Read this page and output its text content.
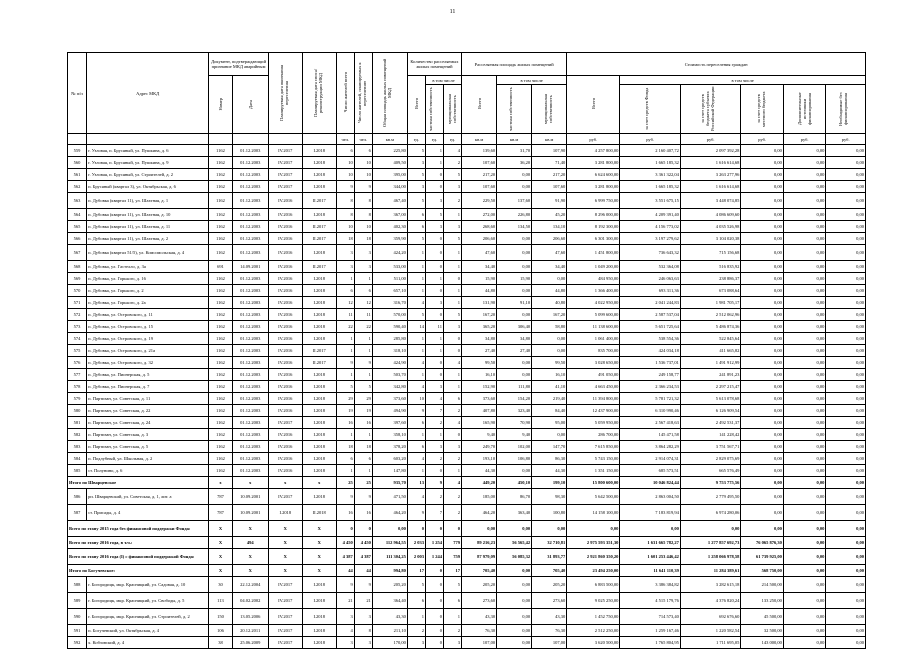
11
№ п/п	Адрес МКД	Документ, подтверждающий признание МКД аварийным		Планируемая дата окончания переселения	Планируемая дата сноса/ реконструкции МКД	Число жителей всего	Число жителей, планируемых к переселению	Общая площадь жилых помещений МКД	Количество расселяемых жилых помещений			Расселяемая площадь жилых помещений			Стоимость переселения граждан					
		Номер	Дата						Всего	в том числе		Всего	в том числе		Всего	в том числе				
										частная собственность	муниципальная собственность		частная собственность	муниципальная собственность		за счет средств Фонда	за счет средств бюджета субъекта Российской Федерации	за счет средств местного бюджета	Дополнительные источники финансирования	Необходимые без финансирования
						чел.	чел.	кв.м	ед.	ед.	ед.	кв.м	кв.м	кв.м	руб.	руб.	руб.	руб.	руб.	руб.
559	г. Узловая, п. Брусяный, ул. Пушкина, д. 6	1162	01.12.2003	IV.2017	I.2018	6	6	225,80	5	1	4	139,60	31,70	107,90	4 257 800,00	2 160 407,72	2 097 392,28	0,00	0,00	0,00
560	г. Узловая, п. Брусяный, ул. Пушкина, д. 9	1162	01.12.2003	IV.2017	I.2018	10	10	409,50	3	1	2	107,60	36,20	71,40	3 281 800,00	1 665 185,32	1 616 614,68	0,00	0,00	0,00
561	г. Узловая, п. Брусяный, ул. Строителей, д. 2	1162	01.12.2003	IV.2017	I.2018	10	10	395,00	5	0	5	217,20	0,00	217,20	6 624 600,00	3 361 322,04	3 263 277,96	0,00	0,00	0,00
562	п. Брусяный (квартал 3), ул. Октябрьская, д. 6	1162	01.12.2003	IV.2017	I.2018	9	9	344,00	3	0	3	107,60	0,00	107,60	3 281 800,00	1 665 185,32	1 616 614,68	0,00	0,00	0,00
563	п. Дубовка (квартал 11), ул. Шахтная, д. 1	1162	01.12.2003	IV.2016	II.2017	8	8	467,40	5	3	2	229,50	137,60	91,90	6 999 750,00	3 551 675,15	3 448 074,85	0,00	0,00	0,00
564	п. Дубовка (квартал 11), ул. Шахтная, д. 10	1162	01.12.2003	IV.2016	I.2018	8	8	367,00	6	5	1	272,00	226,80	45,20	8 296 000,00	4 209 391,40	4 086 609,60	0,00	0,00	0,00
565	п. Дубовка (квартал 11), ул. Шахтная, д. 11	1162	01.12.2003	IV.2016	II.2017	10	10	402,30	6	3	3	268,60	134,50	134,10	8 192 300,00	4 156 773,02	4 035 526,98	0,00	0,00	0,00
566	п. Дубовка (квартал 11), ул. Шахтная, д. 2	1162	01.12.2003	IV.2016	II.2017	18	18	359,90	5	0	5	206,60	0,00	206,60	6 301 300,00	3 197 279,62	3 104 020,38	0,00	0,00	0,00
567	п. Дубовка (квартал 51/5), ул. Комсомольская, д. 4	1162	01.12.2003	IV.2016	I.2018	3	3	424,20	1	0	1	47,60	0,00	47,60	1 451 800,00	736 643,32	715 156,68	0,00	0,00	0,00
568	п. Дубовка, ул. Гастелло, д. 3а	691	14.09.2001	IV.2016	II.2017	3	3	533,00	1	0	1	34,40	0,00	34,40	1 049 200,00	532 364,08	516 835,92	0,00	0,00	0,00
569	п. Дубовка, ул. Горького, д. 16	1162	01.12.2003	IV.2016	I.2018	1	1	511,00	1	1	0	15,90	15,90	0,00	484 950,00	246 063,63	238 886,37	0,00	0,00	0,00
570	п. Дубовка, ул. Горького, д. 2	1162	01.12.2003	IV.2016	I.2018	6	6	657,10	1	0	1	44,80	0,00	44,80	1 366 400,00	693 311,36	673 088,64	0,00	0,00	0,00
571	п. Дубовка, ул. Горького, д. 2а	1162	01.12.2003	IV.2016	I.2018	12	12	316,70	4	3	1	131,90	91,10	40,80	4 022 950,00	2 041 244,83	1 981 705,17	0,00	0,00	0,00
572	п. Дубовка, ул. Островского, д. 11	1162	01.12.2003	IV.2016	I.2018	11	11	570,00	5	0	5	167,20	0,00	167,20	5 099 600,00	2 587 537,04	2 512 062,96	0,00	0,00	0,00
573	п. Дубовка, ул. Островского, д. 15	1162	01.12.2003	IV.2016	I.2018	22	22	590,40	14	11	3	365,20	306,40	58,80	11 138 600,00	5 651 725,64	5 486 874,36	0,00	0,00	0,00
574	п. Дубовка, ул. Островского, д. 19	1162	01.12.2003	IV.2016	I.2018	1	1	285,80	1	1	0	34,80	34,80	0,00	1 061 400,00	538 554,36	522 845,64	0,00	0,00	0,00
575	п. Дубовка, ул. Островского, д. 21а	1162	01.12.2003	IV.2016	II.2017	1	1	318,10	1	1	0	27,40	27,40	0,00	835 700,00	424 034,18	411 665,82	0,00	0,00	0,00
576	п. Дубовка, ул. Островского, д. 32	1162	01.12.2003	IV.2016	II.2017	9	9	424,90	4	0	4	99,50	0,00	99,50	3 028 650,00	1 536 737,01	1 491 912,99	0,00	0,00	0,00
577	п. Дубовка, ул. Пионерская, д. 5	1162	01.12.2003	IV.2016	I.2018	1	1	503,70	1	0	1	16,10	0,00	16,10	491 050,00	249 158,77	241 891,23	0,00	0,00	0,00
578	п. Дубовка, ул. Пионерская, д. 7	1162	01.12.2003	IV.2016	I.2018	5	5	342,80	4	3	1	152,90	111,80	41,10	4 663 450,00	2 366 234,53	2 297 215,47	0,00	0,00	0,00
579	п. Партизан, ул. Советская, д. 11	1162	01.12.2003	IV.2016	I.2018	29	29	373,60	10	4	6	373,60	154,20	219,40	11 394 800,00	5 781 721,32	5 613 078,68	0,00	0,00	0,00
580	п. Партизан, ул. Советская, д. 22	1162	01.12.2003	IV.2016	I.2018	19	19	494,90	9	7	2	407,80	323,40	84,40	12 437 900,00	6 310 990,46	6 126 909,54	0,00	0,00	0,00
581	п. Партизан, ул. Советская, д. 24	1162	01.12.2003	IV.2017	I.2018	16	16	397,60	6	2	4	165,90	70,90	95,00	5 059 950,00	2 567 418,63	2 492 531,37	0,00	0,00	0,00
582	п. Партизан, ул. Советская, д. 3	1162	01.12.2003	IV.2016	I.2018	1	1	358,10	1	1	0	9,40	9,40	0,00	286 700,00	145 471,58	141 228,42	0,00	0,00	0,00
583	п. Партизан, ул. Советская, д. 5	1162	01.12.2003	IV.2016	I.2018	18	18	378,20	6	3	3	249,70	102,00	147,70	7 615 850,00	3 864 282,29	3 751 567,71	0,00	0,00	0,00
584	п. Подлубный, ул. Школьная, д. 2	1162	01.12.2003	IV.2016	I.2018	6	6	603,20	4	2	2	193,10	106,80	86,30	5 743 150,00	2 914 074,31	2 829 075,69	0,00	0,00	0,00
585	ст. Полунино, д. 6	1162	01.12.2003	IV.2016	I.2018	1	1	147,80	1	0	1	44,30	0,00	44,30	1 351 150,00	685 573,51	665 576,49	0,00	0,00	0,00
Итого по Шварцевское		x	x	x	x	25	25	935,70	13	9	4	449,20	450,10	199,10	15 800 600,00	10 046 824,44	9 753 775,56	0,00	0,00	0,00
586	рп. Шварцевский, ул. Советская, д. 1, лит. а	787	10.09.2001	IV.2017	I.2018	9	9	471,50	4	2	2	185,00	86,70	98,30	5 642 500,00	2 863 004,50	2 779 495,50	0,00	0,00	0,00
587	ст. Присады, д. 4	787	10.09.2001	I.2018	II.2018	16	16	464,20	9	7	2	464,20	363,40	100,80	14 158 100,00	7 183 819,94	6 974 280,06	0,00	0,00	0,00
Всего по этапу 2015 года без финансовой поддержки Фонда:		X	X	X	X	0	0	0,00	0	0	0	0,00	0,00	0,00	0,00	0,00	0,00	0,00	0,00	0,00
Всего по этапу 2016 года, в т.ч.:		X	494	X	X	4 450	4 450	112 964,55	2 033	1 254	779	89 216,23	56 565,42	32 710,81	2 975 593 351,30	1 631 665 782,27	1 277 857 692,73	76 065 876,30	0,00	0,00
Всего по этапу 2016 года (I) с финансовой поддержкой Фонда:		X	X	X	X	4 387	4 387	111 304,25	2 003	1 244	759	87 979,09	56 085,32	31 893,77	2 921 860 350,20	1 601 253 446,42	1 258 066 978,58	61 739 925,00	0,00	0,00
Итого по Богучевское:		X	X	X	X	44	44	994,80	17	0	17	705,40	0,00	705,40	23 494 250,00	11 641 110,39	11 284 389,61	568 750,00	0,00	0,00
588	г. Богородицк, мкр. Красницкий, ул. Садовая, д. 10	30	22.12.2004	IV.2017	I.2018	9	9	205,20	5	0	5	205,20	0,00	205,20	6 883 500,00	3 386 384,82	3 282 615,18	214 500,00	0,00	0,00
589	г. Богородицк, мкр. Красницкий, ул. Свободы, д. 5	113	04.02.2002	IV.2017	I.2018	21	21	364,40	6	0	6	273,60	0,00	273,60	9 025 250,00	4 515 179,76	4 376 820,24	133 250,00	0,00	0,00
590	г. Богородицк, мкр. Красницкий, ул. Строителей, д. 2	150	13.05.2006	IV.2017	I.2018	3	3	43,30	1	0	1	43,30	0,00	43,30	1 452 750,00	714 573,40	692 676,60	45 500,00	0,00	0,00
591	п. Богучевский, ул. Октябрьская, д. 4	106	20.12.2011	IV.2017	I.2018	4	8	211,10	2	0	2	76,30	0,00	76,30	2 512 250,00	1 259 167,46	1 220 582,54	32 500,00	0,00	0,00
592	х. Кобзовский, д. 4	38	25.06.2009	IV.2017	I.2018	3	3	170,00	3	0	3	107,00	0,00	107,00	3 620 500,00	1 765 804,95	1 711 695,05	143 000,00	0,00	0,00
